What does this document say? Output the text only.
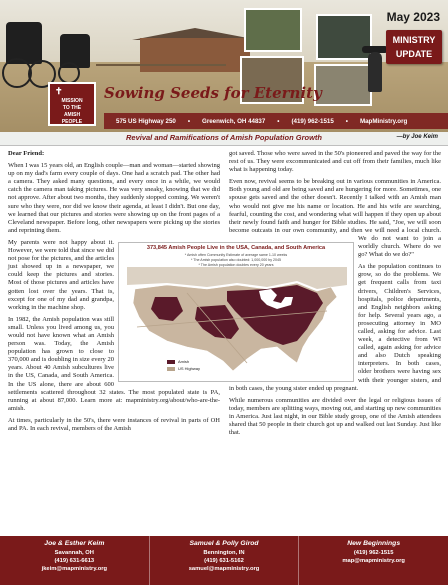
May 2023
MINISTRY
UPDATE
✝
MISSION
TO THE
AMISH
PEOPLE
Sowing Seeds for Eternity
575 US Highway 250 • Greenwich, OH 44837 • (419) 962-1515 • MapMinistry.org
Revival and Ramifications of Amish Population Growth	—by Joe Keim

Dear Friend:

When I was 15 years old, an English couple—man and woman—started showing up on my dad's farm every couple of days. One had a scratch pad. The other had a camera. They asked many questions, and every once in a while, we would catch the camera man taking pictures. He was very sneaky, knowing that we did not approve. After about two months, they suddenly stopped coming. We weren't sure who they were, nor did we know their agenda, at least I didn't. But one day, we learned that our pictures and stories were showing up on the front pages of a Cleveland newspaper. Before long, other newspapers were picking up the stories and reprinting them.

My parents were not happy about it. However, we were told that since we did not pose for the pictures, and the articles just showed up in a newspaper, we could keep the pictures and stories. Most of those pictures and articles have gotten lost over the years. That is, except for one of my dad and grandpa, working in the machine shop.

In 1982, the Amish population was still small. Unless you lived among us, you would not have known what an Amish person was. Today, the Amish population has grown to close to 370,000 and is doubling in size every 20 years. About 40 Amish subcultures live in the US, Canada, and South America. In the US alone, there are about 600 settlements scattered throughout 32 states. The most populated state is PA, running at about 87,000. Learn more at: mapministry.org/about/who-are-the-amish.

At times, particularly in the 50's, there were instances of revival in parts of OH and PA. In each revival, members of the Amish

got saved. Those who were saved in the 50's pioneered and paved the way for the rest of us. They were excommunicated and cut off from their families, much like what is happening today.

Even now, revival seems to be breaking out in various communities in America. Both young and old are being saved and are hungering for more. Sometimes, one spouse gets saved and the other doesn't. Recently I talked with an Amish man who would not give me his name or location. He and his wife are searching, fearful, counting the cost, and wondering what will happen if they open up about their newly found faith and hunger for Bible studies. He said, "Joe, we will soon become outcasts in our own community, and then we will need a local church. We do not want to join a worldly church. Where do we go? What do we do?"

As the population continues to grow, so do the problems. We get frequent calls from taxi drivers, Children's Services, hospitals, police departments, and English neighbors asking for help. Several years ago, a prosecuting attorney in MO called, asking for advice. Last week, a detective from WI called, again asking for advice and also Dutch speaking interpreters. In both cases, older brothers were having sex with their younger sisters, and in both cases, the young sister ended up pregnant.

While numerous communities are divided over the legal or religious issues of today, members are splitting ways, moving out, and starting up new communities in America. Just last night, in our Bible study group, one of the Amish attendees shared that 50 people in their church got up and walked out last Sunday. Just like that.

373,845 Amish People Live in the USA, Canada, and South America
* Amish often Community Estimate of average same 1-10 weeks
* The Amish population also doubled: 1,000,000 by 2045
* The Amish population doubles every 20 years
Amish
US Highway
Joe & Esther Keim
Savannah, OH
(419) 631-6613
jkeim@mapministry.org
Samuel & Polly Girod
Bennington, IN
(419) 631-5162
samuel@mapministry.org
New Beginnings
(419) 962-1515
map@mapministry.org
